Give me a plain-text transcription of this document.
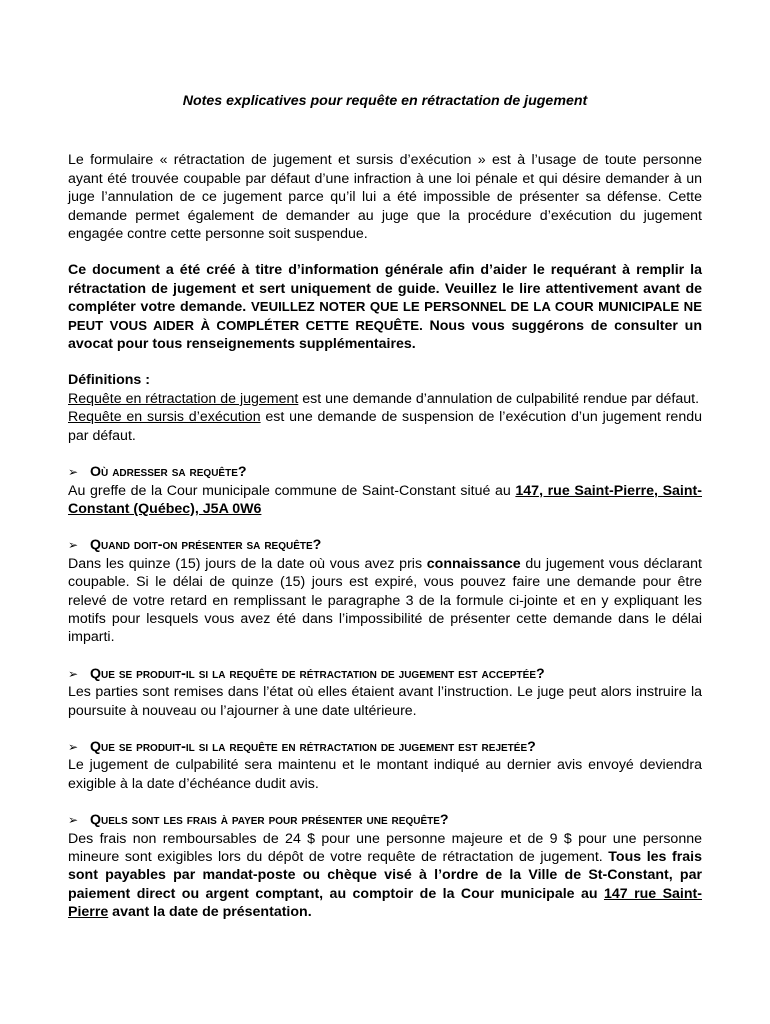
Notes explicatives pour requête en rétractation de jugement

Le formulaire « rétractation de jugement et sursis d’exécution » est à l’usage de toute personne ayant été trouvée coupable par défaut d’une infraction à une loi pénale et qui désire demander à un juge l’annulation de ce jugement parce qu’il lui a été impossible de présenter sa défense. Cette demande permet également de demander au juge que la procédure d’exécution du jugement engagée contre cette personne soit suspendue.

Ce document a été créé à titre d’information générale afin d’aider le requérant à remplir la rétractation de jugement et sert uniquement de guide. Veuillez le lire attentivement avant de compléter votre demande. VEUILLEZ NOTER QUE LE PERSONNEL DE LA COUR MUNICIPALE NE PEUT VOUS AIDER À COMPLÉTER CETTE REQUÊTE. Nous vous suggérons de consulter un avocat pour tous renseignements supplémentaires.

Définitions :

Requête en rétractation de jugement est une demande d’annulation de culpabilité rendue par défaut.

Requête en sursis d’exécution est une demande de suspension de l’exécution d’un jugement rendu par défaut.

➢ Où adresser sa requête?

Au greffe de la Cour municipale commune de Saint-Constant situé au 147, rue Saint-Pierre, Saint-Constant (Québec), J5A 0W6

➢ Quand doit-on présenter sa requête?

Dans les quinze (15) jours de la date où vous avez pris connaissance du jugement vous déclarant coupable. Si le délai de quinze (15) jours est expiré, vous pouvez faire une demande pour être relevé de votre retard en remplissant le paragraphe 3 de la formule ci-jointe et en y expliquant les motifs pour lesquels vous avez été dans l’impossibilité de présenter cette demande dans le délai imparti.

➢ Que se produit-il si la requête de rétractation de jugement est acceptée?

Les parties sont remises dans l’état où elles étaient avant l’instruction. Le juge peut alors instruire la poursuite à nouveau ou l’ajourner à une date ultérieure.

➢ Que se produit-il si la requête en rétractation de jugement est rejetée?

Le jugement de culpabilité sera maintenu et le montant indiqué au dernier avis envoyé deviendra exigible à la date d’échéance dudit avis.

➢ Quels sont les frais à payer pour présenter une requête?

Des frais non remboursables de 24 $ pour une personne majeure et de 9 $ pour une personne mineure sont exigibles lors du dépôt de votre requête de rétractation de jugement. Tous les frais sont payables par mandat-poste ou chèque visé à l’ordre de la Ville de St-Constant, par paiement direct ou argent comptant, au comptoir de la Cour municipale au 147 rue Saint-Pierre avant la date de présentation.
